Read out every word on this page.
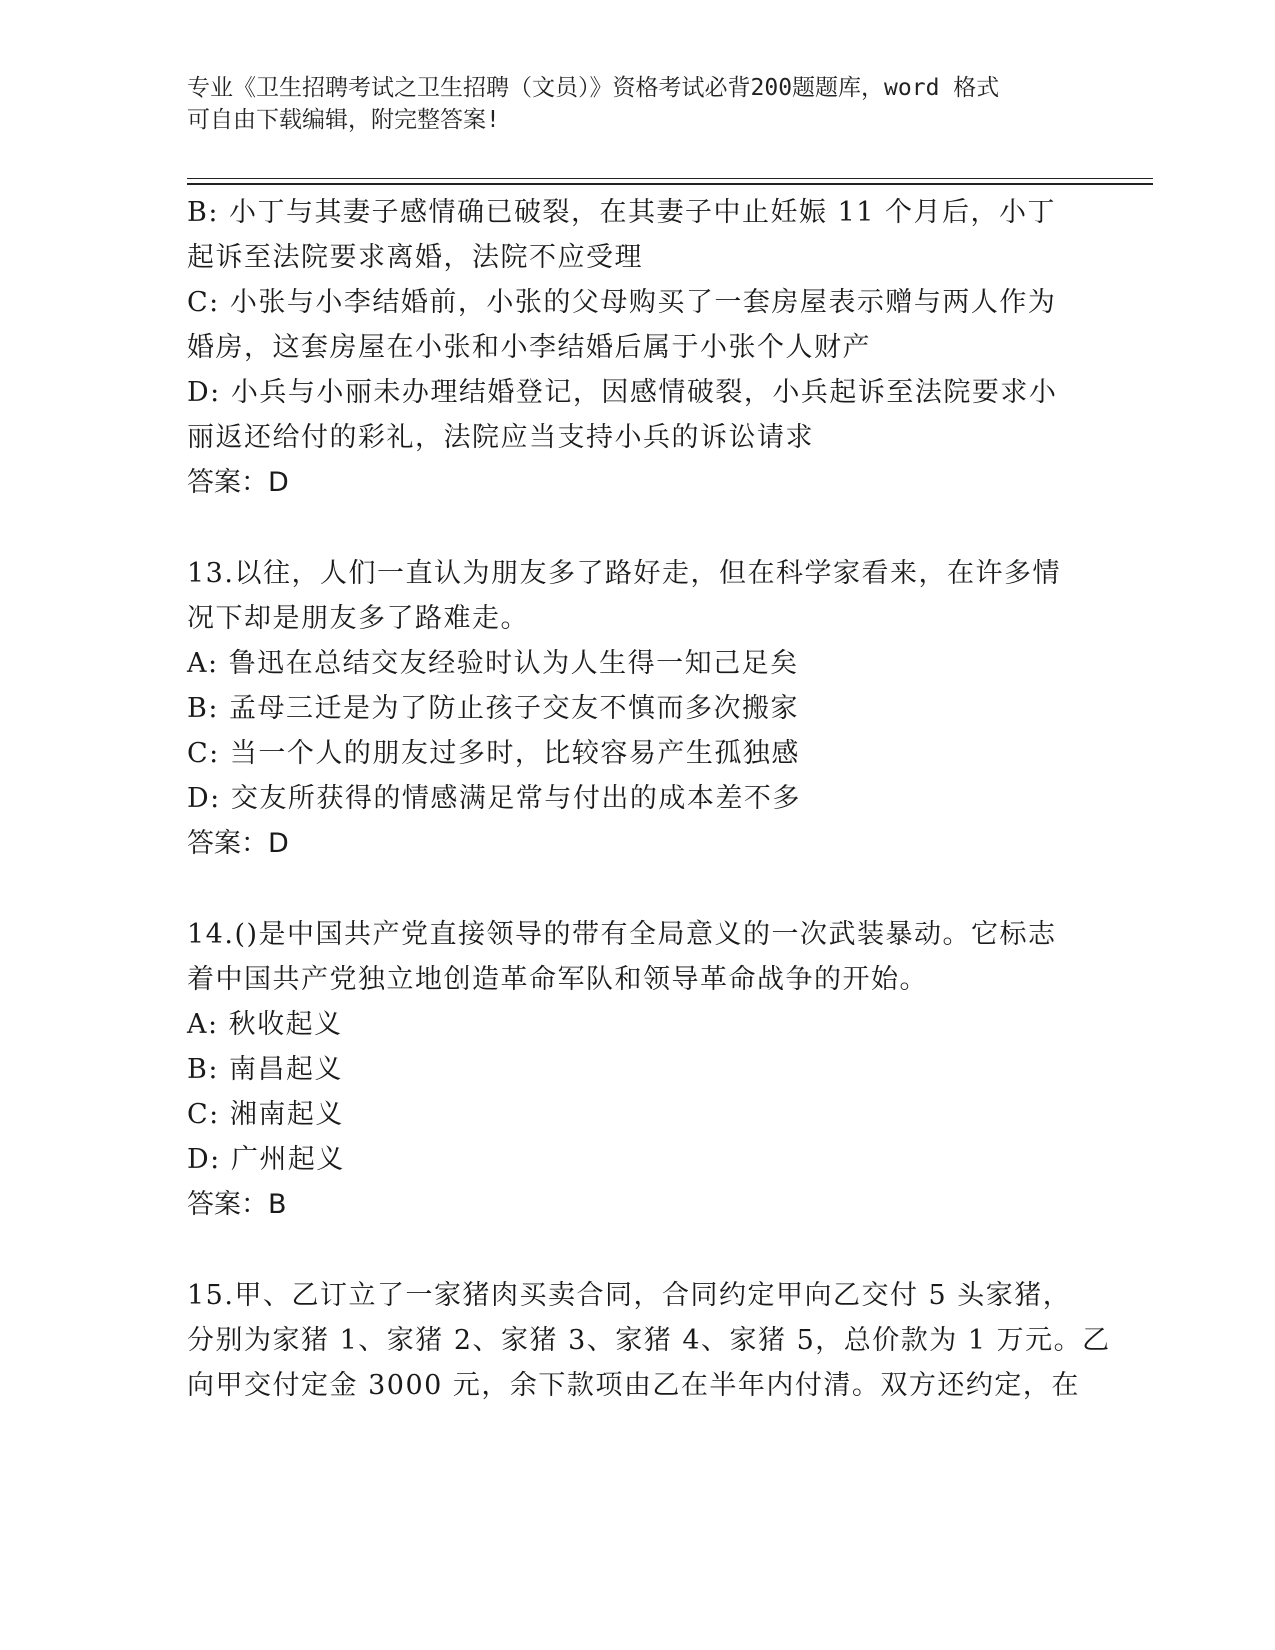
专业《卫生招聘考试之卫生招聘（文员）》资格考试必背200题题库，word 格式
可自由下载编辑，附完整答案!
B: 小丁与其妻子感情确已破裂，在其妻子中止妊娠 11 个月后，小丁
起诉至法院要求离婚，法院不应受理
C: 小张与小李结婚前，小张的父母购买了一套房屋表示赠与两人作为
婚房，这套房屋在小张和小李结婚后属于小张个人财产
D: 小兵与小丽未办理结婚登记，因感情破裂，小兵起诉至法院要求小
丽返还给付的彩礼，法院应当支持小兵的诉讼请求
答案：D
13.以往，人们一直认为朋友多了路好走，但在科学家看来，在许多情
况下却是朋友多了路难走。
A: 鲁迅在总结交友经验时认为人生得一知己足矣
B: 孟母三迁是为了防止孩子交友不慎而多次搬家
C: 当一个人的朋友过多时，比较容易产生孤独感
D: 交友所获得的情感满足常与付出的成本差不多
答案：D
14.()是中国共产党直接领导的带有全局意义的一次武装暴动。它标志
着中国共产党独立地创造革命军队和领导革命战争的开始。
A: 秋收起义
B: 南昌起义
C: 湘南起义
D: 广州起义
答案：B
15.甲、乙订立了一家猪肉买卖合同，合同约定甲向乙交付 5 头家猪，
分别为家猪 1、家猪 2、家猪 3、家猪 4、家猪 5，总价款为 1 万元。乙
向甲交付定金 3000 元，余下款项由乙在半年内付清。双方还约定，在
